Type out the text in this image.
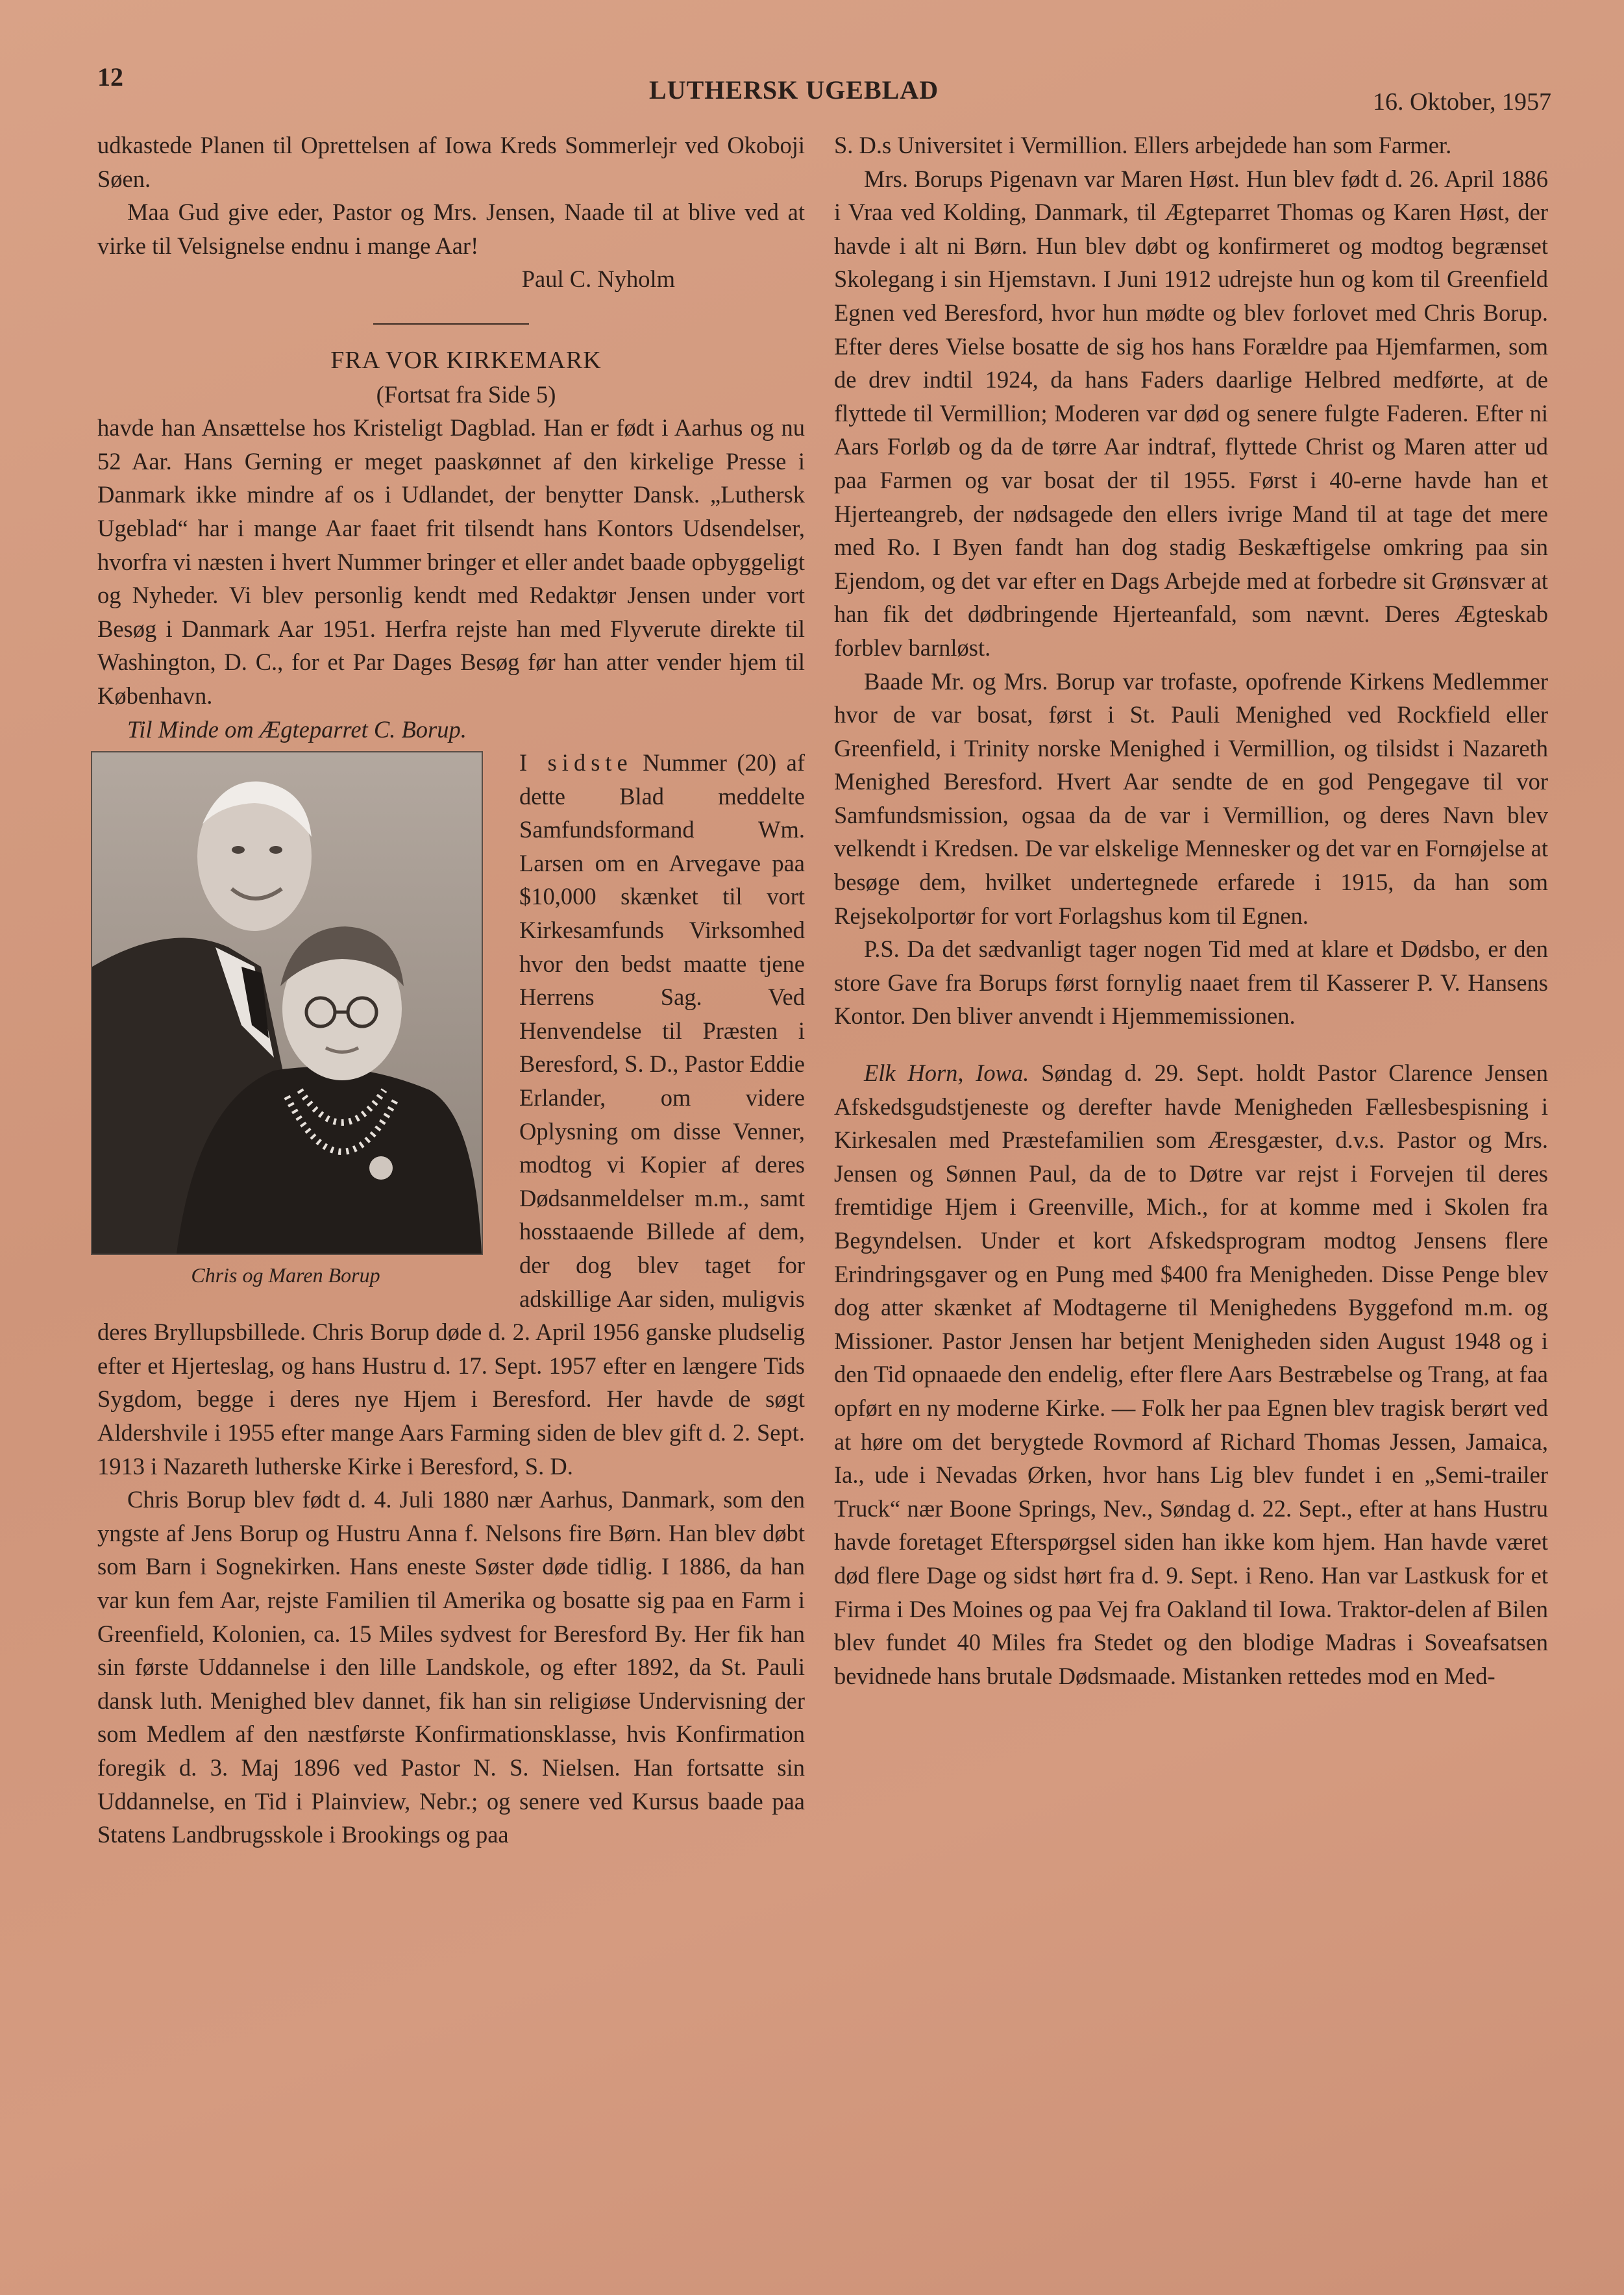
12	LUTHERSK UGEBLAD	16. Oktober, 1957

udkastede Planen til Oprettelsen af Iowa Kreds Sommerlejr ved Okoboji Søen.

Maa Gud give eder, Pastor og Mrs. Jensen, Naade til at blive ved at virke til Velsignelse endnu i mange Aar!

Paul C. Nyholm

FRA VOR KIRKEMARK

(Fortsat fra Side 5)

havde han Ansættelse hos Kristeligt Dagblad. Han er født i Aarhus og nu 52 Aar. Hans Gerning er meget paaskønnet af den kirkelige Presse i Danmark ikke mindre af os i Udlandet, der benytter Dansk. „Luthersk Ugeblad“ har i mange Aar faaet frit tilsendt hans Kontors Udsendelser, hvorfra vi næsten i hvert Nummer bringer et eller andet baade opbyggeligt og Nyheder. Vi blev personlig kendt med Redaktør Jensen under vort Besøg i Danmark Aar 1951. Herfra rejste han med Flyverute direkte til Washington, D. C., for et Par Dages Besøg før han atter vender hjem til København.

Til Minde om Ægteparret C. Borup.

Chris og Maren Borup

I sidste Nummer (20) af dette Blad meddelte Samfundsformand Wm. Larsen om en Arvegave paa $10,000 skænket til vort Kirkesamfunds Virksomhed hvor den bedst maatte tjene Herrens Sag. Ved Henvendelse til Præsten i Beresford, S. D., Pastor Eddie Erlander, om videre Oplysning om disse Venner, modtog vi Kopier af deres Dødsanmeldelser m.m., samt hosstaaende Billede af dem, der dog blev taget for adskillige Aar siden, muligvis deres Bryllupsbillede. Chris Borup døde d. 2. April 1956 ganske pludselig efter et Hjerteslag, og hans Hustru d. 17. Sept. 1957 efter en længere Tids Sygdom, begge i deres nye Hjem i Beresford. Her havde de søgt Aldershvile i 1955 efter mange Aars Farming siden de blev gift d. 2. Sept. 1913 i Nazareth lutherske Kirke i Beresford, S. D.

Chris Borup blev født d. 4. Juli 1880 nær Aarhus, Danmark, som den yngste af Jens Borup og Hustru Anna f. Nelsons fire Børn. Han blev døbt som Barn i Sognekirken. Hans eneste Søster døde tidlig. I 1886, da han var kun fem Aar, rejste Familien til Amerika og bosatte sig paa en Farm i Greenfield, Kolonien, ca. 15 Miles sydvest for Beresford By. Her fik han sin første Uddannelse i den lille Landskole, og efter 1892, da St. Pauli dansk luth. Menighed blev dannet, fik han sin religiøse Undervisning der som Medlem af den næstførste Konfirmationsklasse, hvis Konfirmation foregik d. 3. Maj 1896 ved Pastor N. S. Nielsen. Han fortsatte sin Uddannelse, en Tid i Plainview, Nebr.; og senere ved Kursus baade paa Statens Landbrugsskole i Brookings og paa

S. D.s Universitet i Vermillion. Ellers arbejdede han som Farmer.

Mrs. Borups Pigenavn var Maren Høst. Hun blev født d. 26. April 1886 i Vraa ved Kolding, Danmark, til Ægteparret Thomas og Karen Høst, der havde i alt ni Børn. Hun blev døbt og konfirmeret og modtog begrænset Skolegang i sin Hjemstavn. I Juni 1912 udrejste hun og kom til Greenfield Egnen ved Beresford, hvor hun mødte og blev forlovet med Chris Borup. Efter deres Vielse bosatte de sig hos hans Forældre paa Hjemfarmen, som de drev indtil 1924, da hans Faders daarlige Helbred medførte, at de flyttede til Vermillion; Moderen var død og senere fulgte Faderen. Efter ni Aars Forløb og da de tørre Aar indtraf, flyttede Christ og Maren atter ud paa Farmen og var bosat der til 1955. Først i 40-erne havde han et Hjerteangreb, der nødsagede den ellers ivrige Mand til at tage det mere med Ro. I Byen fandt han dog stadig Beskæftigelse omkring paa sin Ejendom, og det var efter en Dags Arbejde med at forbedre sit Grønsvær at han fik det dødbringende Hjerteanfald, som nævnt. Deres Ægteskab forblev barnløst.

Baade Mr. og Mrs. Borup var trofaste, opofrende Kirkens Medlemmer hvor de var bosat, først i St. Pauli Menighed ved Rockfield eller Greenfield, i Trinity norske Menighed i Vermillion, og tilsidst i Nazareth Menighed Beresford. Hvert Aar sendte de en god Pengegave til vor Samfundsmission, ogsaa da de var i Vermillion, og deres Navn blev velkendt i Kredsen. De var elskelige Mennesker og det var en Fornøjelse at besøge dem, hvilket undertegnede erfarede i 1915, da han som Rejsekolportør for vort Forlagshus kom til Egnen.

P.S. Da det sædvanligt tager nogen Tid med at klare et Dødsbo, er den store Gave fra Borups først fornylig naaet frem til Kasserer P. V. Hansens Kontor. Den bliver anvendt i Hjemmemissionen.

Elk Horn, Iowa. Søndag d. 29. Sept. holdt Pastor Clarence Jensen Afskedsgudstjeneste og derefter havde Menigheden Fællesbespisning i Kirkesalen med Præstefamilien som Æresgæster, d.v.s. Pastor og Mrs. Jensen og Sønnen Paul, da de to Døtre var rejst i Forvejen til deres fremtidige Hjem i Greenville, Mich., for at komme med i Skolen fra Begyndelsen. Under et kort Afskedsprogram modtog Jensens flere Erindringsgaver og en Pung med $400 fra Menigheden. Disse Penge blev dog atter skænket af Modtagerne til Menighedens Byggefond m.m. og Missioner. Pastor Jensen har betjent Menigheden siden August 1948 og i den Tid opnaaede den endelig, efter flere Aars Bestræbelse og Trang, at faa opført en ny moderne Kirke. — Folk her paa Egnen blev tragisk berørt ved at høre om det berygtede Rovmord af Richard Thomas Jessen, Jamaica, Ia., ude i Nevadas Ørken, hvor hans Lig blev fundet i en „Semi-trailer Truck“ nær Boone Springs, Nev., Søndag d. 22. Sept., efter at hans Hustru havde foretaget Efterspørgsel siden han ikke kom hjem. Han havde været død flere Dage og sidst hørt fra d. 9. Sept. i Reno. Han var Lastkusk for et Firma i Des Moines og paa Vej fra Oakland til Iowa. Traktor-delen af Bilen blev fundet 40 Miles fra Stedet og den blodige Madras i Soveafsatsen bevidnede hans brutale Dødsmaade. Mistanken rettedes mod en Med-
